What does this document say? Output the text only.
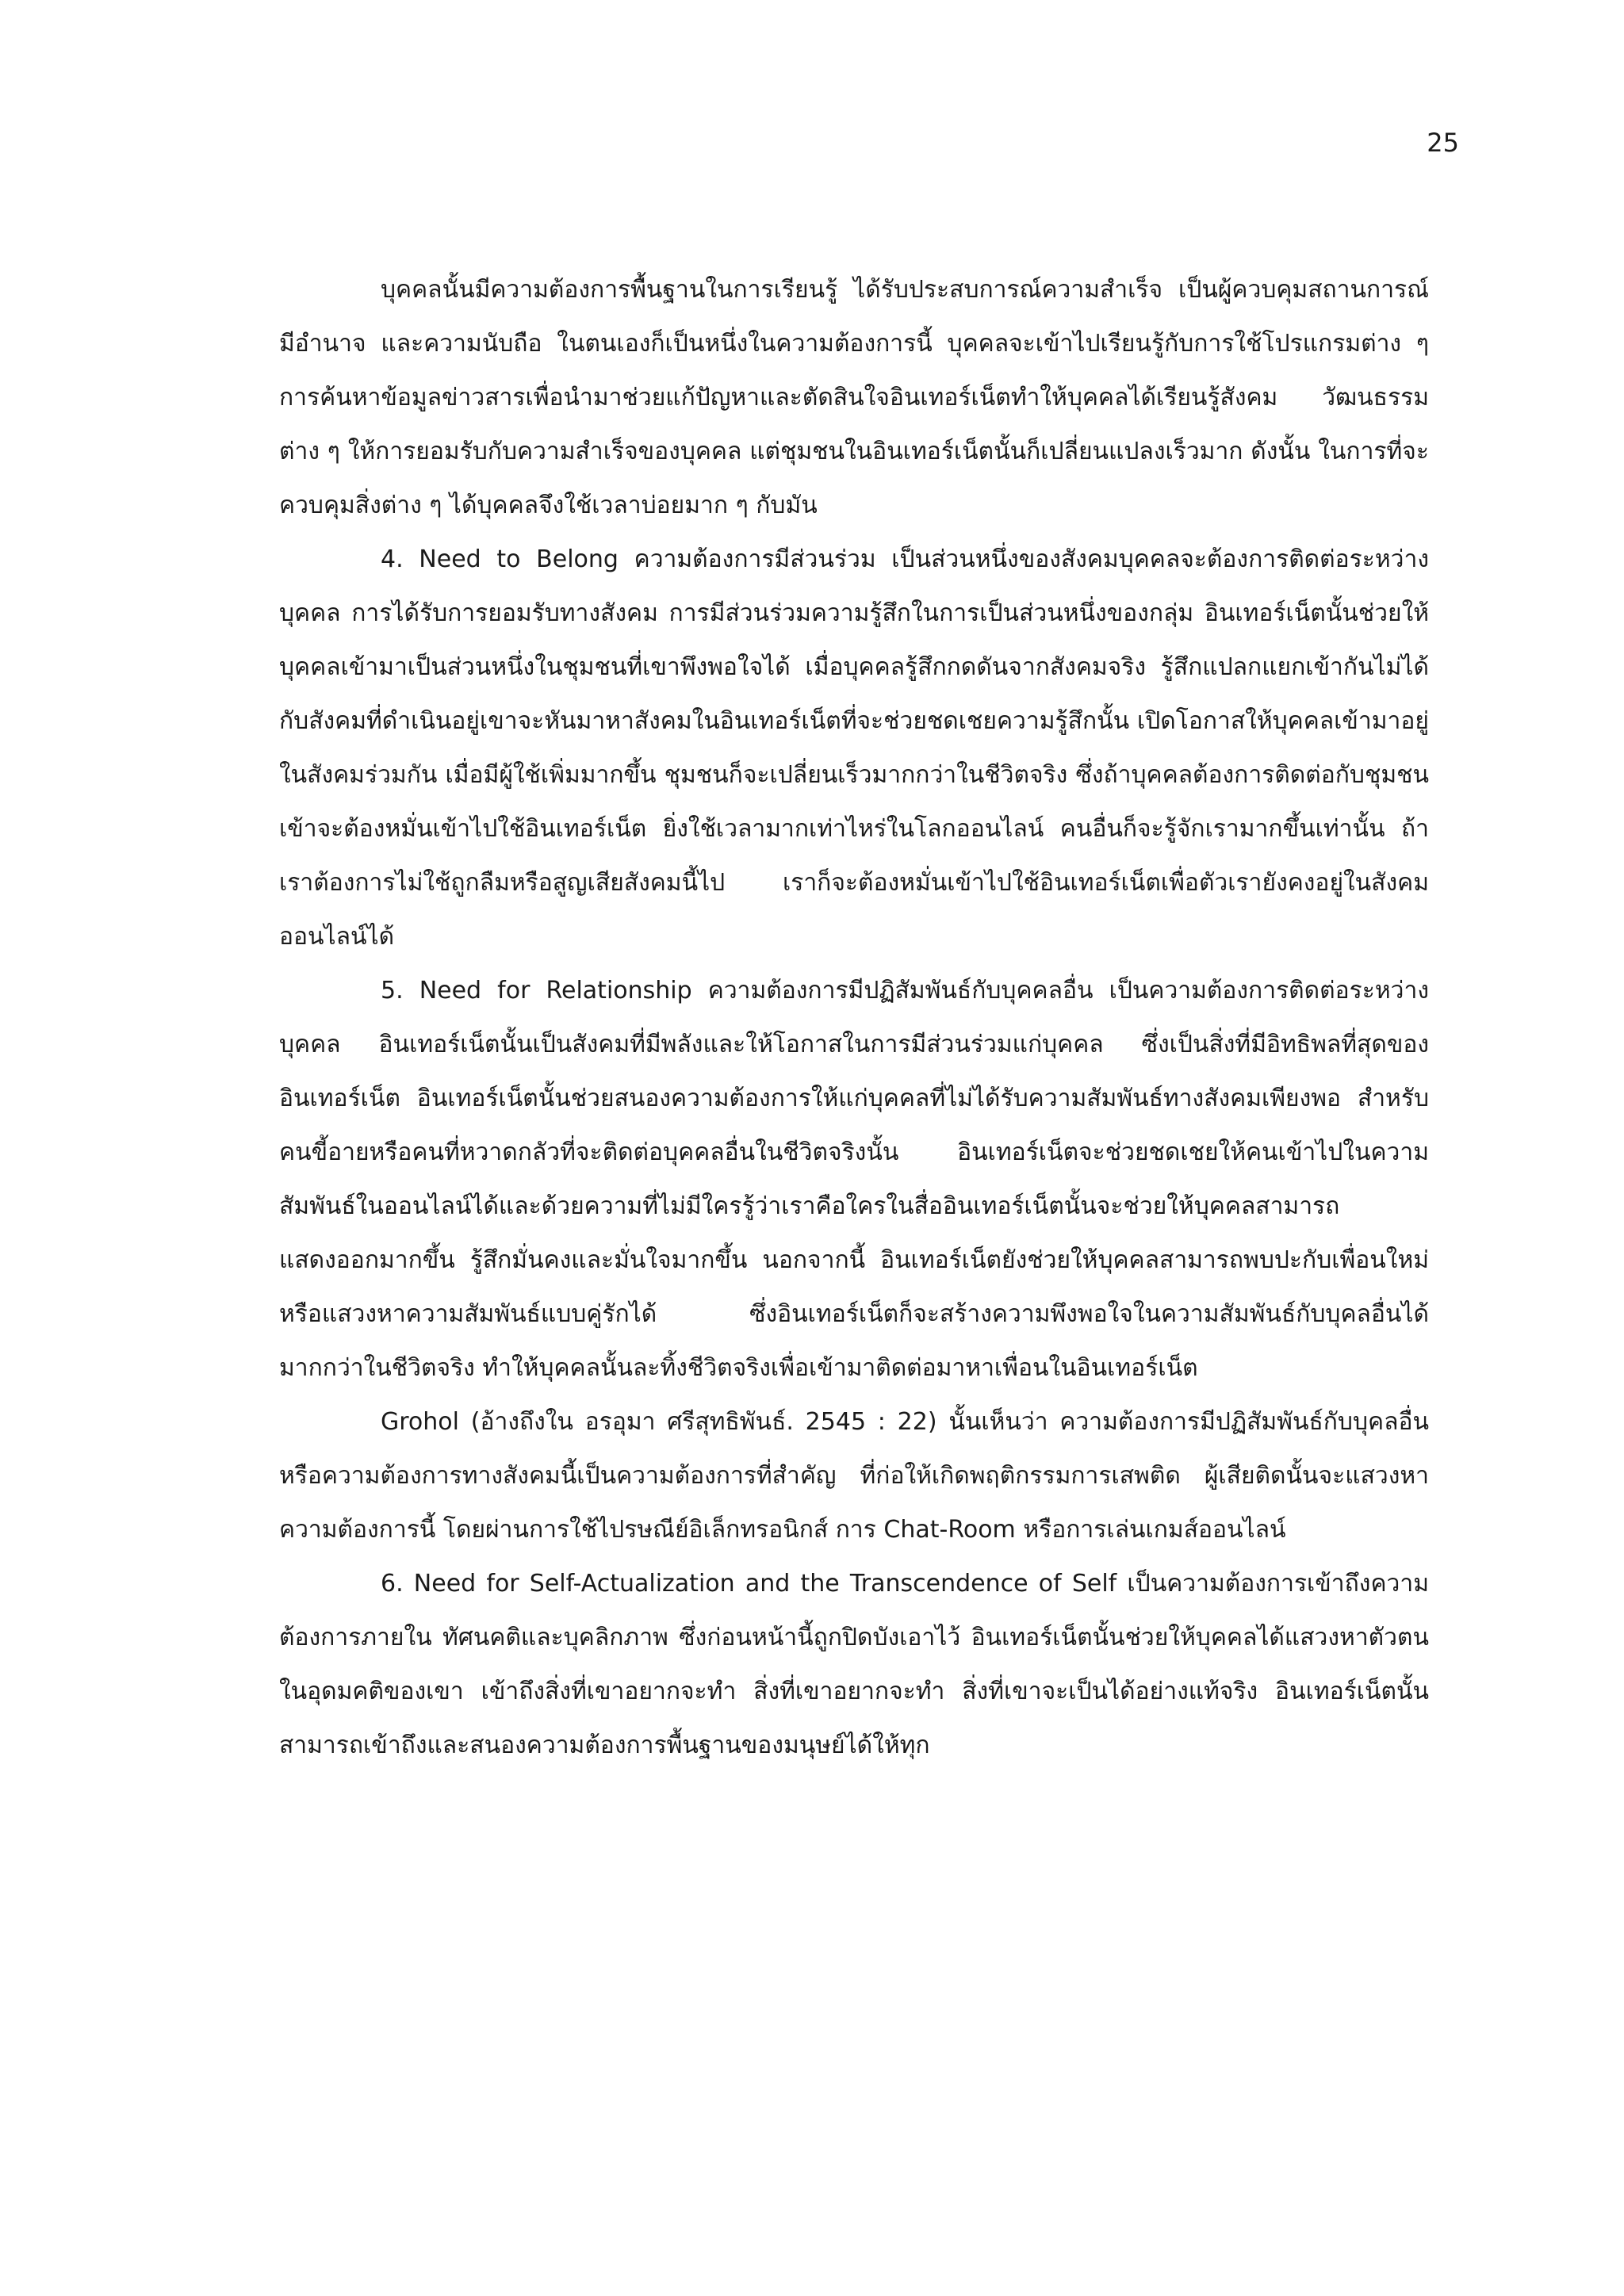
25

บุคคลนั้นมีความต้องการพื้นฐานในการเรียนรู้ ได้รับประสบการณ์ความสำเร็จ เป็นผู้ควบคุมสถานการณ์ มีอำนาจ และความนับถือ ในตนเองก็เป็นหนึ่งในความต้องการนี้ บุคคลจะเข้าไปเรียนรู้กับการใช้โปรแกรมต่าง ๆ การค้นหาข้อมูลข่าวสารเพื่อนำมาช่วยแก้ปัญหาและตัดสินใจอินเทอร์เน็ตทำให้บุคคลได้เรียนรู้สังคม วัฒนธรรมต่าง ๆ ให้การยอมรับกับความสำเร็จของบุคคล แต่ชุมชนในอินเทอร์เน็ตนั้นก็เปลี่ยนแปลงเร็วมาก ดังนั้น ในการที่จะควบคุมสิ่งต่าง ๆ ได้บุคคลจึงใช้เวลาบ่อยมาก ๆ กับมัน

4. Need to Belong ความต้องการมีส่วนร่วม เป็นส่วนหนึ่งของสังคมบุคคลจะต้องการติดต่อระหว่างบุคคล การได้รับการยอมรับทางสังคม การมีส่วนร่วมความรู้สึกในการเป็นส่วนหนึ่งของกลุ่ม อินเทอร์เน็ตนั้นช่วยให้บุคคลเข้ามาเป็นส่วนหนึ่งในชุมชนที่เขาพึงพอใจได้ เมื่อบุคคลรู้สึกกดดันจากสังคมจริง รู้สึกแปลกแยกเข้ากันไม่ได้กับสังคมที่ดำเนินอยู่เขาจะหันมาหาสังคมในอินเทอร์เน็ตที่จะช่วยชดเชยความรู้สึกนั้น เปิดโอกาสให้บุคคลเข้ามาอยู่ในสังคมร่วมกัน เมื่อมีผู้ใช้เพิ่มมากขึ้น ชุมชนก็จะเปลี่ยนเร็วมากกว่าในชีวิตจริง ซึ่งถ้าบุคคลต้องการติดต่อกับชุมชน เข้าจะต้องหมั่นเข้าไปใช้อินเทอร์เน็ต ยิ่งใช้เวลามากเท่าไหร่ในโลกออนไลน์ คนอื่นก็จะรู้จักเรามากขึ้นเท่านั้น ถ้าเราต้องการไม่ใช้ถูกลืมหรือสูญเสียสังคมนี้ไป เราก็จะต้องหมั่นเข้าไปใช้อินเทอร์เน็ตเพื่อตัวเรายังคงอยู่ในสังคมออนไลน์ได้

5. Need for Relationship ความต้องการมีปฏิสัมพันธ์กับบุคคลอื่น เป็นความต้องการติดต่อระหว่างบุคคล อินเทอร์เน็ตนั้นเป็นสังคมที่มีพลังและให้โอกาสในการมีส่วนร่วมแก่บุคคล ซึ่งเป็นสิ่งที่มีอิทธิพลที่สุดของอินเทอร์เน็ต อินเทอร์เน็ตนั้นช่วยสนองความต้องการให้แก่บุคคลที่ไม่ได้รับความสัมพันธ์ทางสังคมเพียงพอ สำหรับคนขี้อายหรือคนที่หวาดกลัวที่จะติดต่อบุคคลอื่นในชีวิตจริงนั้น อินเทอร์เน็ตจะช่วยชดเชยให้คนเข้าไปในความสัมพันธ์ในออนไลน์ได้และด้วยความที่ไม่มีใครรู้ว่าเราคือใครในสื่ออินเทอร์เน็ตนั้นจะช่วยให้บุคคลสามารถแสดงออกมากขึ้น รู้สึกมั่นคงและมั่นใจมากขึ้น นอกจากนี้ อินเทอร์เน็ตยังช่วยให้บุคคลสามารถพบปะกับเพื่อนใหม่หรือแสวงหาความสัมพันธ์แบบคู่รักได้ ซึ่งอินเทอร์เน็ตก็จะสร้างความพึงพอใจในความสัมพันธ์กับบุคลอื่นได้ มากกว่าในชีวิตจริง ทำให้บุคคลนั้นละทิ้งชีวิตจริงเพื่อเข้ามาติดต่อมาหาเพื่อนในอินเทอร์เน็ต

Grohol (อ้างถึงใน อรอุมา ศรีสุทธิพันธ์. 2545 : 22) นั้นเห็นว่า ความต้องการมีปฏิสัมพันธ์กับบุคลอื่น หรือความต้องการทางสังคมนี้เป็นความต้องการที่สำคัญ ที่ก่อให้เกิดพฤติกรรมการเสพติด ผู้เสียติดนั้นจะแสวงหาความต้องการนี้ โดยผ่านการใช้ไปรษณีย์อิเล็กทรอนิกส์ การ Chat-Room หรือการเล่นเกมส์ออนไลน์

6. Need for Self-Actualization and the Transcendence of Self เป็นความต้องการเข้าถึงความต้องการภายใน ทัศนคติและบุคลิกภาพ ซึ่งก่อนหน้านี้ถูกปิดบังเอาไว้ อินเทอร์เน็ตนั้นช่วยให้บุคคลได้แสวงหาตัวตนในอุดมคติของเขา เข้าถึงสิ่งที่เขาอยากจะทำ สิ่งที่เขาอยากจะทำ สิ่งที่เขาจะเป็นได้อย่างแท้จริง อินเทอร์เน็ตนั้นสามารถเข้าถึงและสนองความต้องการพื้นฐานของมนุษย์ได้ให้ทุก
